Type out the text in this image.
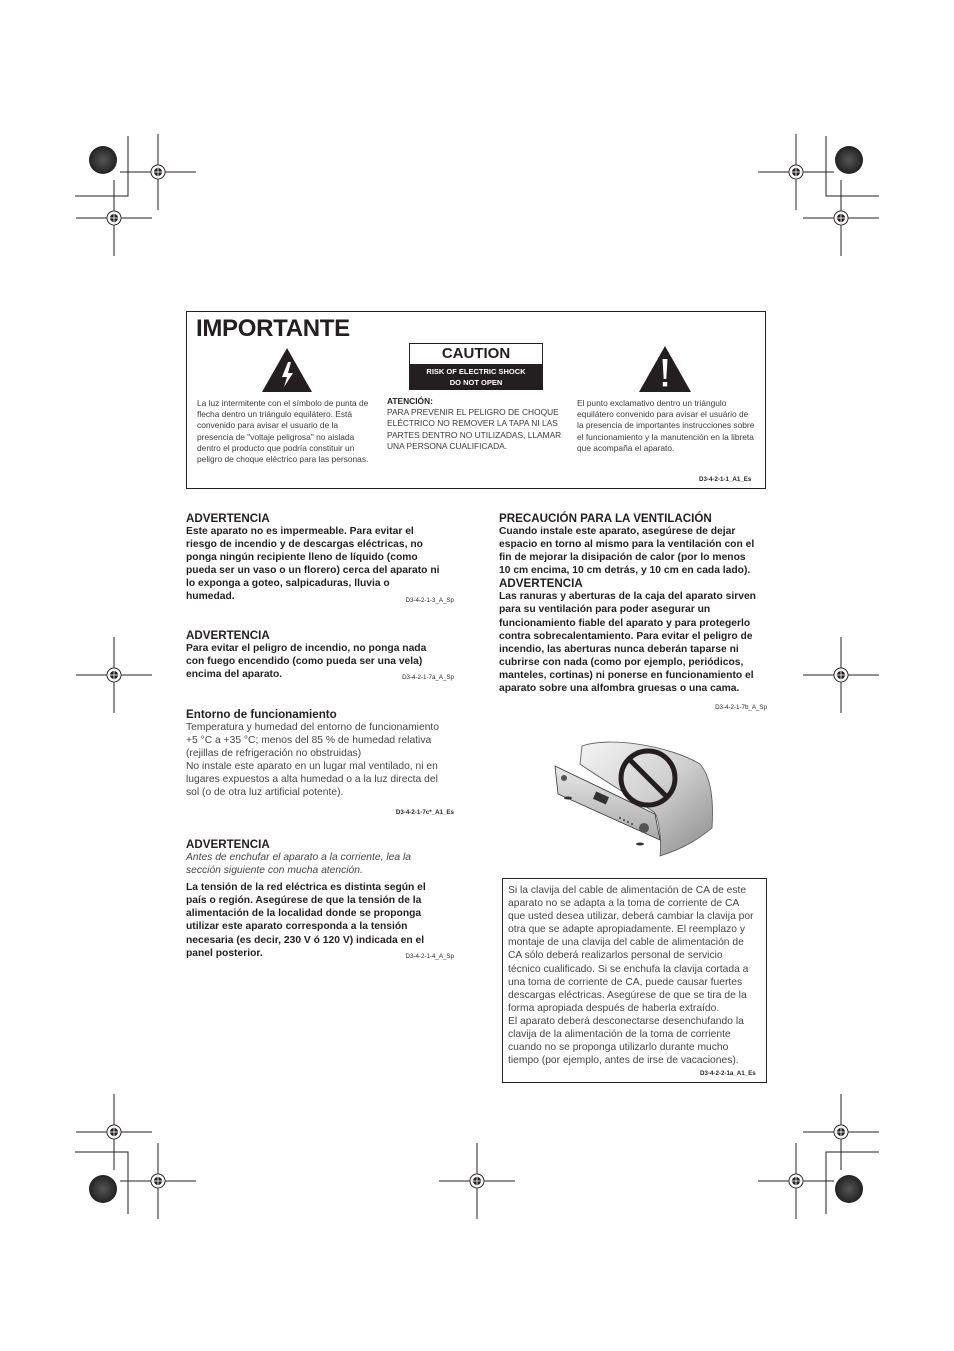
IMPORTANTE
CAUTION
RISK OF ELECTRIC SHOCK
DO NOT OPEN
La luz intermitente con el símbolo de punta de flecha dentro un triángulo equilátero. Está convenido para avisar el usuario de la presencia de "voltaje peligrosa" no aislada dentro el producto que podría constituir un peligro de choque eléctrico para las personas.
ATENCIÓN:
PARA PREVENIR EL PELIGRO DE CHOQUE ELÉCTRICO NO REMOVER LA TAPA NI LAS PARTES DENTRO NO UTILIZADAS, LLAMAR UNA PERSONA CUALIFICADA.
El punto exclamativo dentro un triángulo equilátero convenido para avisar el usuário de la presencia de importantes instrucciones sobre el funcionamiento y la manutención en la libreta que acompaña el aparato.
D3-4-2-1-1_A1_Es
ADVERTENCIA
Este aparato no es impermeable. Para evitar el
riesgo de incendio y de descargas eléctricas, no
ponga ningún recipiente lleno de líquido (como
pueda ser un vaso o un florero) cerca del aparato ni
lo exponga a goteo, salpicaduras, lluvia o
humedad.	D3-4-2-1-3_A_Sp
ADVERTENCIA
Para evitar el peligro de incendio, no ponga nada
con fuego encendido (como pueda ser una vela)
encima del aparato.	D3-4-2-1-7a_A_Sp
Entorno de funcionamiento
Temperatura y humedad del entorno de funcionamiento
+5 °C a +35 °C; menos del 85 % de humedad relativa
(rejillas de refrigeración no obstruidas)
No instale este aparato en un lugar mal ventilado, ni en
lugares expuestos a alta humedad o a la luz directa del
sol (o de otra luz artificial potente).
D3-4-2-1-7c*_A1_Es
ADVERTENCIA
Antes de enchufar el aparato a la corriente, lea la
sección siguiente con mucha atención.
La tensión de la red eléctrica es distinta según el
país o región. Asegúrese de que la tensión de la
alimentación de la localidad donde se proponga
utilizar este aparato corresponda a la tensión
necesaria (es decir, 230 V ó 120 V) indicada en el
panel posterior.	D3-4-2-1-4_A_Sp
PRECAUCIÓN PARA LA VENTILACIÓN
Cuando instale este aparato, asegúrese de dejar
espacio en torno al mismo para la ventilación con el
fin de mejorar la disipación de calor (por lo menos
10 cm encima, 10 cm detrás, y 10 cm en cada lado).
ADVERTENCIA
Las ranuras y aberturas de la caja del aparato sirven
para su ventilación para poder asegurar un
funcionamiento fiable del aparato y para protegerlo
contra sobrecalentamiento. Para evitar el peligro de
incendio, las aberturas nunca deberán taparse ni
cubrirse con nada (como por ejemplo, periódicos,
manteles, cortinas) ni ponerse en funcionamiento el
aparato sobre una alfombra gruesas o una cama.
D3-4-2-1-7b_A_Sp
Si la clavija del cable de alimentación de CA de este
aparato no se adapta a la toma de corriente de CA
que usted desea utilizar, deberá cambiar la clavija por
otra que se adapte apropiadamente. El reemplazo y
montaje de una clavija del cable de alimentación de
CA sólo deberá realizarlos personal de servicio
técnico cualificado. Si se enchufa la clavija cortada a
una toma de corriente de CA, puede causar fuertes
descargas eléctricas. Asegúrese de que se tira de la
forma apropiada después de haberla extraído.
El aparato deberá desconectarse desenchufando la
clavija de la alimentación de la toma de corriente
cuando no se proponga utilizarlo durante mucho
tiempo (por ejemplo, antes de irse de vacaciones).
D3-4-2-2-1a_A1_Es
